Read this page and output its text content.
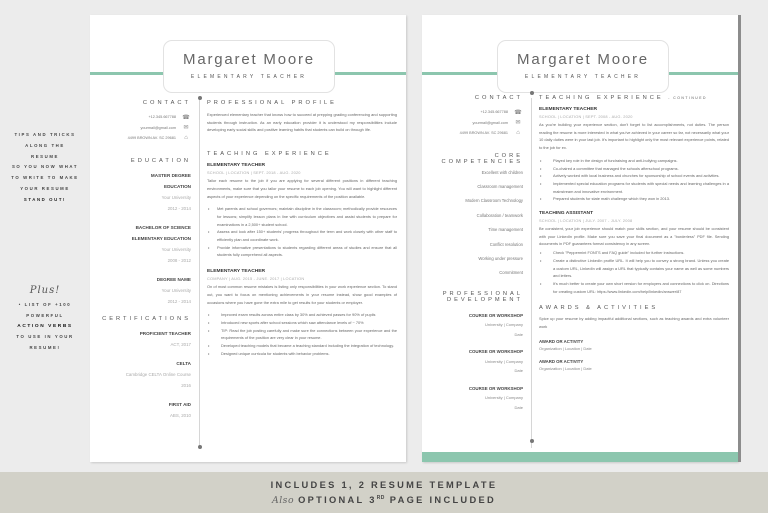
TIPS AND TRICKS
ALONG THE
RESUME
SO YOU NOW WHAT
TO WRITE TO MAKE
YOUR RESUME
STAND OUT!
Plus!
• LIST OF +100
POWERFUL
ACTION VERBS
TO USE IN YOUR
RESUME!
Margaret Moore
ELEMENTARY TEACHER
CONTACT
+12.345.667788 ☎
yourmail@gmail.com	✉
4499 BROWN AV. SC 29681	⌂
EDUCATION
MASTER DEGREE
EDUCATION
Your University
2012 - 2014
BACHELOR OF SCIENCE
ELEMENTARY EDUCATION
Your University
2008 - 2012
DEGREE NAME
Your University
2012 - 2014
CERTIFICATIONS
PROFICIENT TEACHER
ACT, 2017
CELTA
Cambridge CELTA Online Course
2016
FIRST AID
ABS, 2010
PROFESSIONAL PROFILE
Experienced elementary teacher that knows how to succeed at prepping grading conferencing and supporting students through instruction. As an early education provider it is understood my responsibilities include developing early social skills and positive learning habits that students can build on through life.
TEACHING EXPERIENCE
ELEMENTARY TEACHER
SCHOOL | LOCATION | SEPT. 2018 - AUG. 2020
Tailor each resume to the job if you are applying for several different positions in different teaching environments, make sure that you tailor your resume to each job opening. You will want to highlight different aspects of your experience depending on the specific requirements of the position available.
• Met parents and school governors; maintain discipline in the classroom; methodically provide resources for lessons; simplify lesson plans in line with curriculum objectives and assist students to prepare for examinations in a 2,500+ student school.
• Assess and look after 150+ students' progress throughout the term and work closely with other staff to efficiently plan and coordinate work.
• Provide informative presentations to students regarding different areas of studies and ensure that all students fully comprehend all aspects.
ELEMENTARY TEACHER
COMPANY | AUG. 2015 - JUNE. 2017 | LOCATION
On of most common resume mistakes is listing only responsibilities in your work experience section. To stand out, you want to focus on mentioning achievements in your resume instead, show good examples of occasions where you have gone the extra mile to get results for your students or employer.
• Improved exam results across entire class by 30% and achieved passes for 90% of pupils
• Introduced new sports after school sessions which saw attendance levels of ~ 70%
• TIP: Read the job posting carefully and make sure the connections between your experience and the requirements of the position are very clear in your resume.
• Developed teaching models that became a teaching standard including the integration of technology.
• Designed unique curricula for students with behavior problems.
Margaret Moore
ELEMENTARY TEACHER
CONTACT
+12.345.667788 ☎
yourmail@gmail.com	✉
4499 BROWN AV. SC 29681	⌂
CORE
COMPETENCIES
Excellent with children
Classroom management
Modern Classroom Technology
Collaboration / teamwork
Time management
Conflict resolution
Working under pressure
Commitment
PROFESSIONAL
DEVELOPMENT
COURSE OR WORKSHOP
University | Company
Date
COURSE OR WORKSHOP
University | Company
Date
COURSE OR WORKSHOP
University | Company
Date
TEACHING EXPERIENCE - CONTINUED
ELEMENTARY TEACHER
SCHOOL | LOCATION | SEPT. 2008 - AUG. 2020
As you're building your experience section, don't forget to list accomplishments, not duties. The person reading the resume is more interested in what you've achieved in your career so far, not necessarily what your 10 daily duties were in your last job. It's important to highlight only the most relevant experience points, related to the job for ex.
• Played key role in the design of fundraising and anti-bullying campaigns.
• Co-chaired a committee that managed the schools afterschool programs.
• Actively worked with local business and churches for sponsorship of school events and activities.
• Implemented special education programs for students with special needs and learning challenges in a mainstream and innovative environment.
• Prepared students for state math challenge which they won in 2013.
TEACHING ASSISTANT
SCHOOL | LOCATION | JULY. 2007 - JULY. 2008
Be consistent, your job experience should match your skills section, and your resume should be consistent with your LinkedIn profile. Make sure you save your final document as a "borderless" PDF file. Sending documents in PDF guarantees format consistency in any screen.
• Check "Peppermint FONTS and FAQ guide" included for further instructions.
• Create a distinctive LinkedIn profile URL. It will help you to convey a strong brand. Unless you create a custom URL, LinkedIn will assign a URL that typically contains your name as well as some numbers and letters.
• It's much better to create your own short version for employers and connections to click on. Directions for creating custom URL: https://www.linkedin.com/help/linkedin/answer/87
AWARDS & ACTIVITIES
Spice up your resume by adding impactful additional sections, such as teaching awards and extra volunteer work
AWARD OR ACTIVITY
Organization | Location | Date
AWARD OR ACTIVITY
Organization | Location | Date
INCLUDES 1, 2 RESUME TEMPLATE
Also OPTIONAL 3RD PAGE INCLUDED
